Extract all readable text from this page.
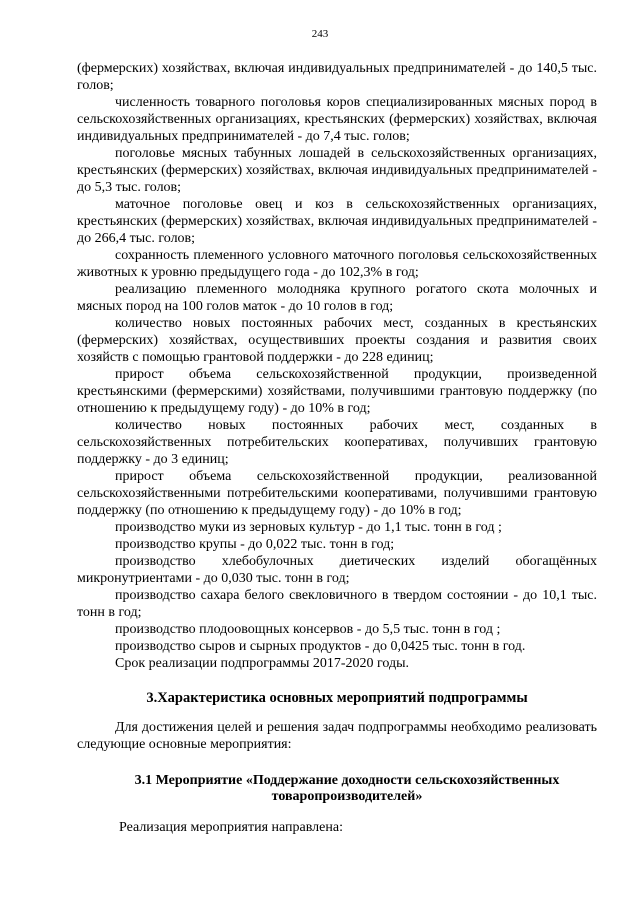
243

(фермерских) хозяйствах, включая индивидуальных предпринимателей - до 140,5 тыс. голов;

численность товарного поголовья коров специализированных мясных пород в сельскохозяйственных организациях, крестьянских (фермерских) хозяйствах, включая индивидуальных предпринимателей - до 7,4 тыс. голов;

поголовье мясных табунных лошадей в сельскохозяйственных организациях, крестьянских (фермерских) хозяйствах, включая индивидуальных предпринимателей - до 5,3 тыс. голов;

маточное поголовье овец и коз в сельскохозяйственных организациях, крестьянских (фермерских) хозяйствах, включая индивидуальных предпринимателей - до 266,4 тыс. голов;

сохранность племенного условного маточного поголовья сельскохозяйственных животных к уровню предыдущего года - до 102,3% в год;

реализацию племенного молодняка крупного рогатого скота молочных и мясных пород на 100 голов маток - до 10 голов в год;

количество новых постоянных рабочих мест, созданных в крестьянских (фермерских) хозяйствах, осуществивших проекты создания и развития своих хозяйств с помощью грантовой поддержки - до 228 единиц;

прирост объема сельскохозяйственной продукции, произведенной крестьянскими (фермерскими) хозяйствами, получившими грантовую поддержку (по отношению к предыдущему году) - до 10% в год;

количество новых постоянных рабочих мест, созданных в сельскохозяйственных потребительских кооперативах, получивших грантовую поддержку - до 3 единиц;

прирост объема сельскохозяйственной продукции, реализованной сельскохозяйственными потребительскими кооперативами, получившими грантовую поддержку (по отношению к предыдущему году) - до 10% в год;

производство муки из зерновых культур - до 1,1 тыс. тонн в год ;

производство крупы - до 0,022 тыс. тонн в год;

производство хлебобулочных диетических изделий обогащённых микронутриентами - до 0,030 тыс. тонн в год;

производство сахара белого свекловичного в твердом состоянии - до 10,1 тыс. тонн в год;

производство плодоовощных консервов - до 5,5 тыс. тонн в год ;

производство сыров и сырных продуктов - до 0,0425 тыс. тонн в год.

Срок реализации подпрограммы 2017-2020 годы.

3.Характеристика основных мероприятий подпрограммы

Для достижения целей и решения задач подпрограммы необходимо реализовать следующие основные мероприятия:

3.1 Мероприятие «Поддержание доходности сельскохозяйственных товаропроизводителей»

Реализация мероприятия направлена:
